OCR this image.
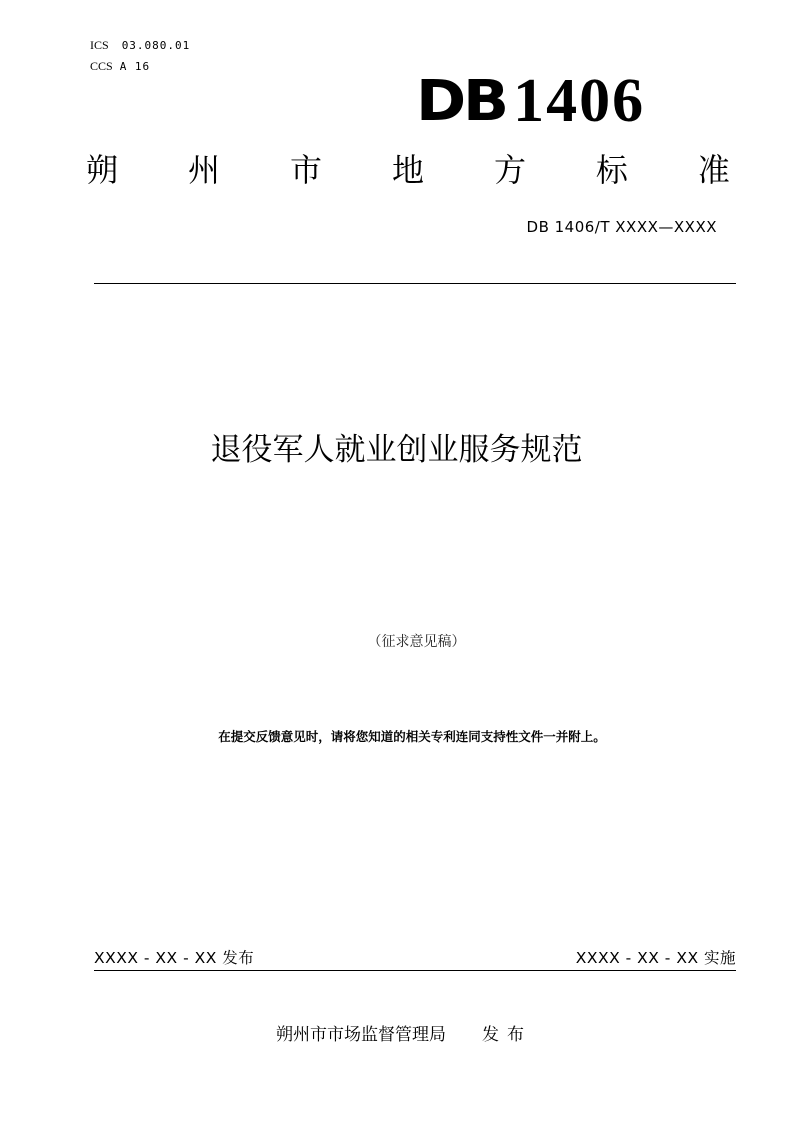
ICS 03.080.01
CCS A 16
DB 1406
朔 州 市 地 方 标 准
DB 1406/T XXXX—XXXX
退役军人就业创业服务规范
（征求意见稿）
在提交反馈意见时，请将您知道的相关专利连同支持性文件一并附上。
XXXX - XX - XX 发布	XXXX - XX - XX 实施
朔州市市场监督管理局 发布
